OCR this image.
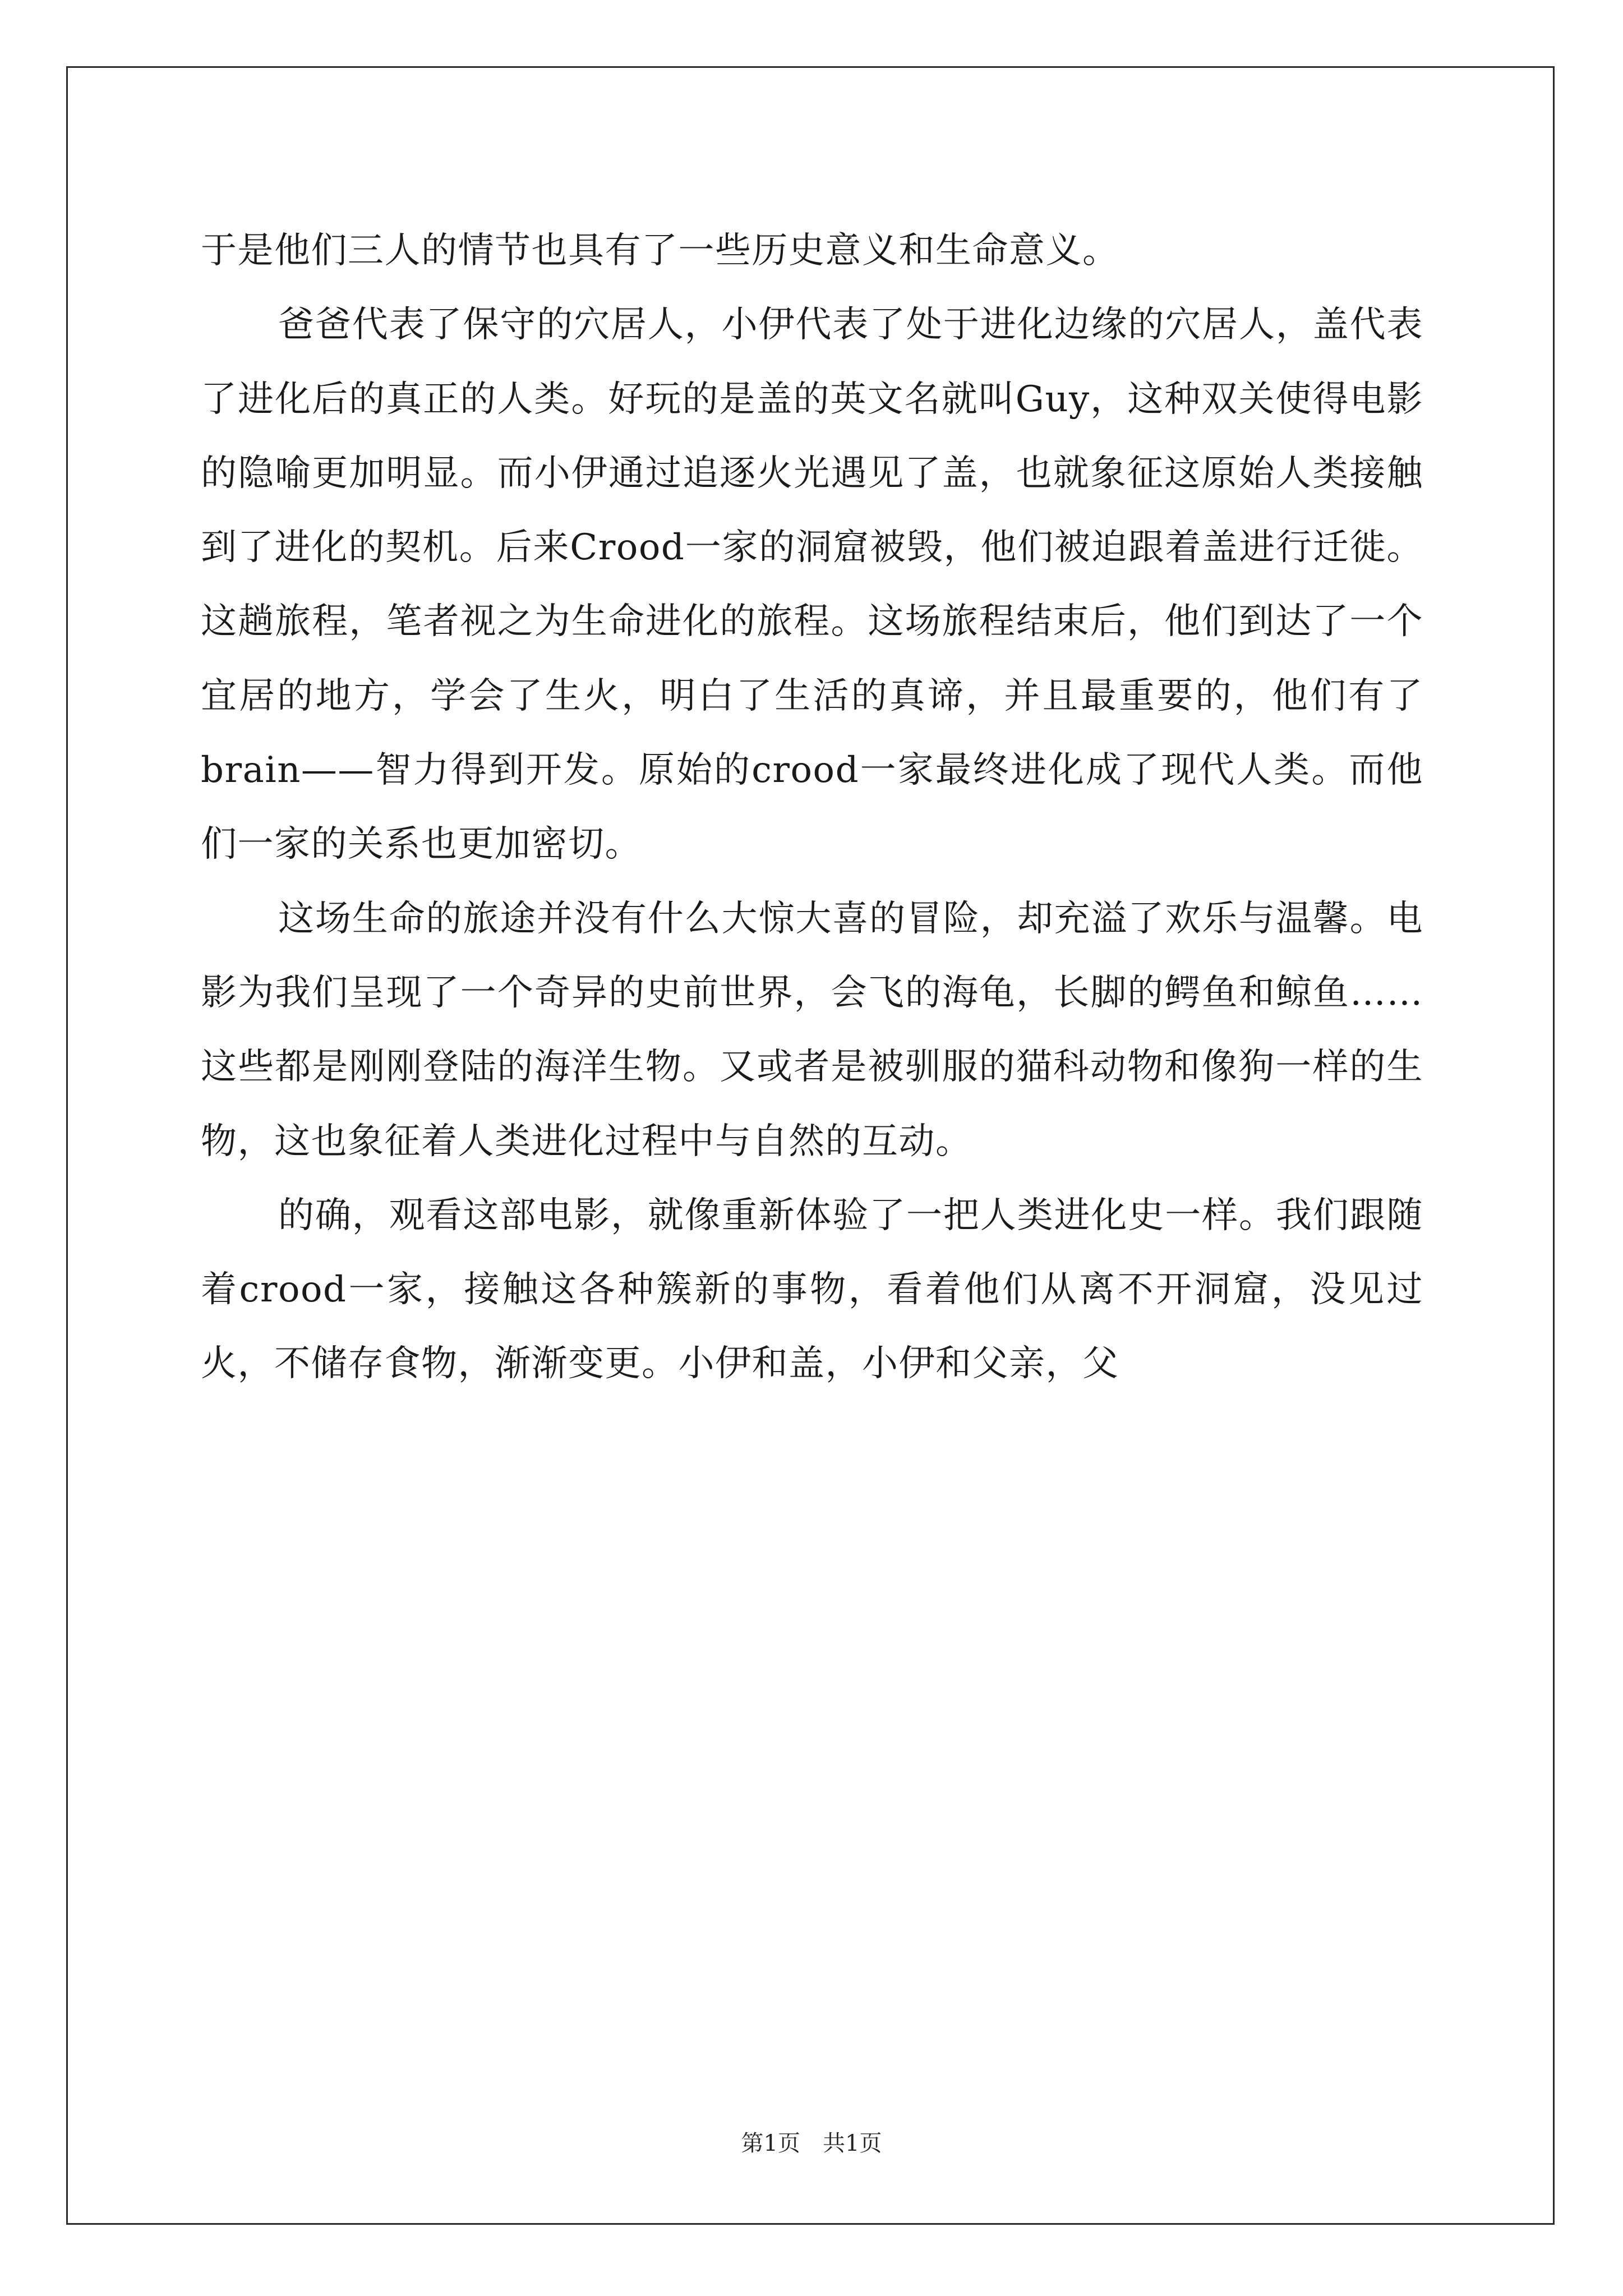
于是他们三人的情节也具有了一些历史意义和生命意义。

爸爸代表了保守的穴居人，小伊代表了处于进化边缘的穴居人，盖代表了进化后的真正的人类。好玩的是盖的英文名就叫Guy，这种双关使得电影的隐喻更加明显。而小伊通过追逐火光遇见了盖，也就象征这原始人类接触到了进化的契机。后来Crood一家的洞窟被毁，他们被迫跟着盖进行迁徙。这趟旅程，笔者视之为生命进化的旅程。这场旅程结束后，他们到达了一个宜居的地方，学会了生火，明白了生活的真谛，并且最重要的，他们有了brain——智力得到开发。原始的crood一家最终进化成了现代人类。而他们一家的关系也更加密切。

这场生命的旅途并没有什么大惊大喜的冒险，却充溢了欢乐与温馨。电影为我们呈现了一个奇异的史前世界，会飞的海龟，长脚的鳄鱼和鲸鱼……这些都是刚刚登陆的海洋生物。又或者是被驯服的猫科动物和像狗一样的生物，这也象征着人类进化过程中与自然的互动。

的确，观看这部电影，就像重新体验了一把人类进化史一样。我们跟随着crood一家，接触这各种簇新的事物，看着他们从离不开洞窟，没见过火，不储存食物，渐渐变更。小伊和盖，小伊和父亲，父

第1页 共1页
